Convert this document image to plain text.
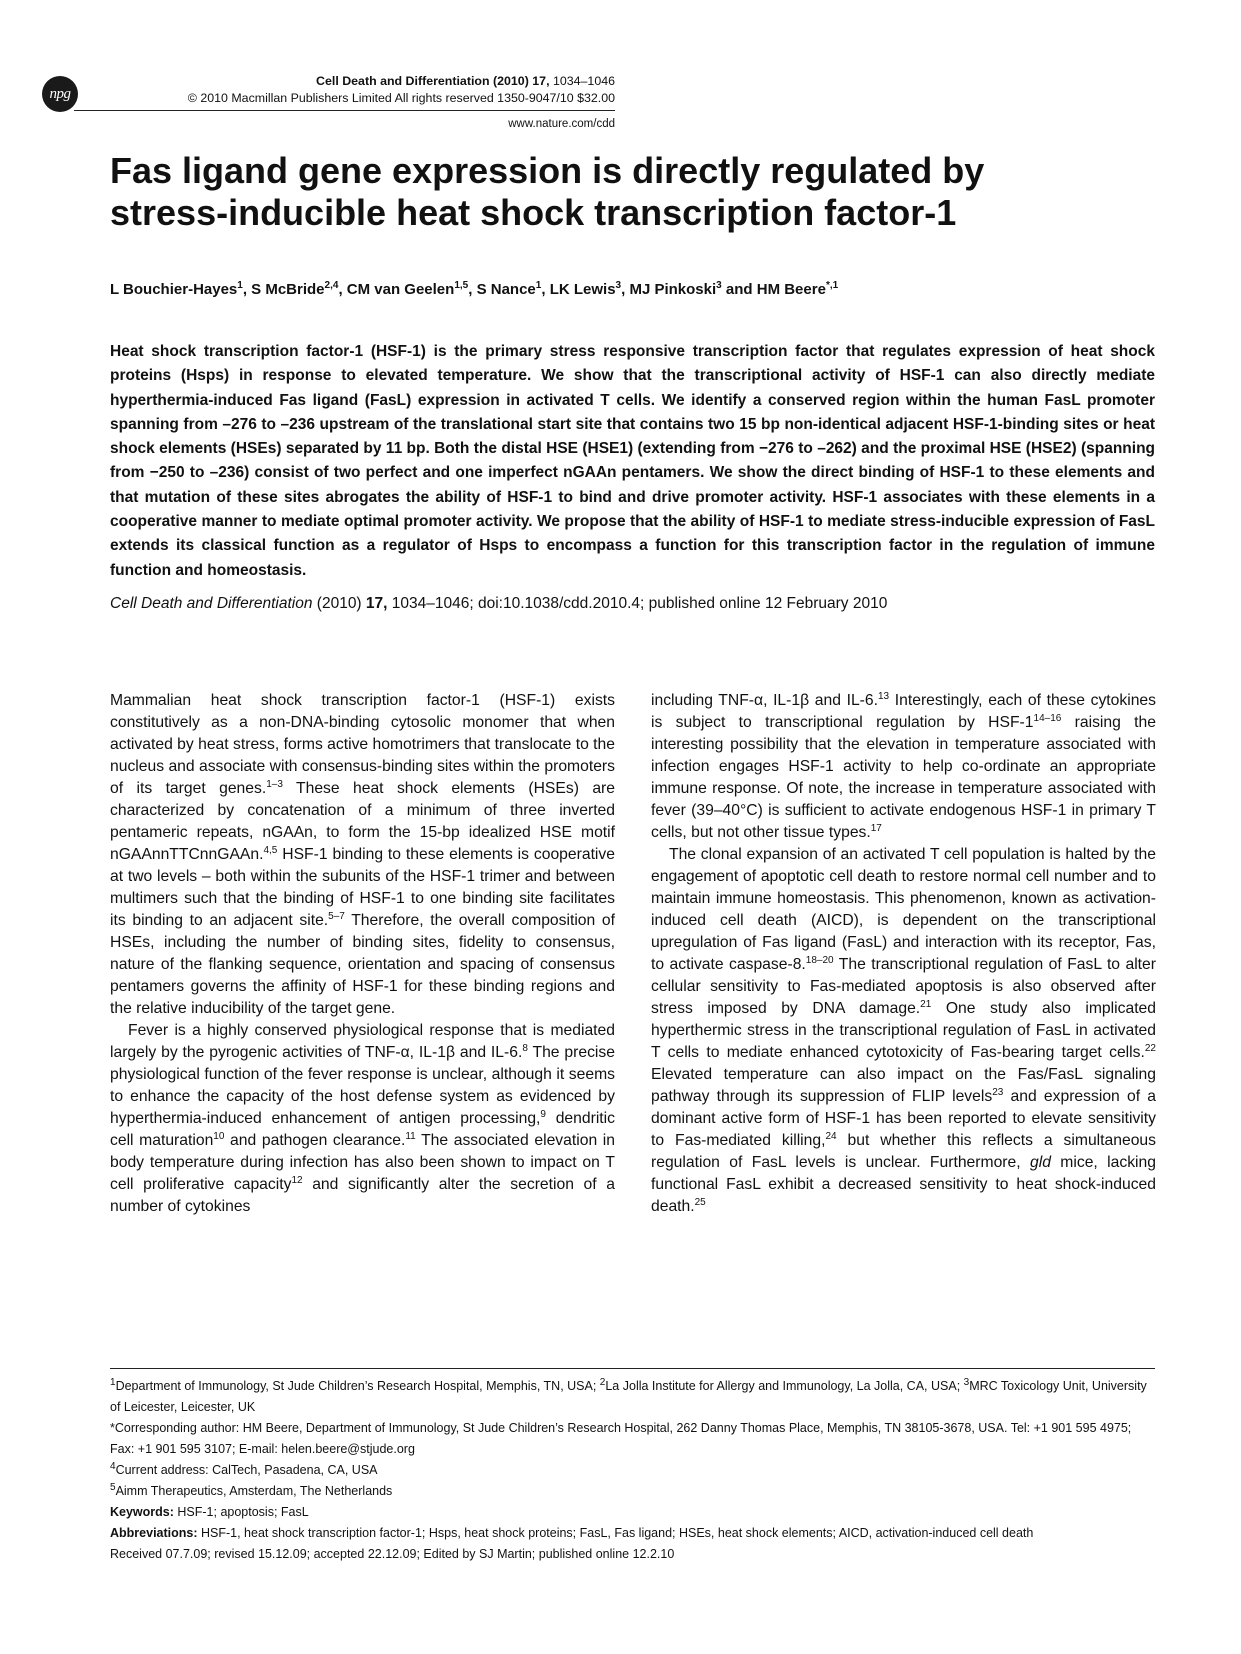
npg
Cell Death and Differentiation (2010) 17, 1034–1046
© 2010 Macmillan Publishers Limited All rights reserved 1350-9047/10 $32.00
www.nature.com/cdd
Fas ligand gene expression is directly regulated by stress-inducible heat shock transcription factor-1

L Bouchier-Hayes$^1$, S McBride$^{2,4}$, CM van Geelen$^{1,5}$, S Nance$^1$, LK Lewis$^3$, MJ Pinkoski$^3$ and HM Beere$^{*,1}$

Heat shock transcription factor-1 (HSF-1) is the primary stress responsive transcription factor that regulates expression of heat shock proteins (Hsps) in response to elevated temperature. We show that the transcriptional activity of HSF-1 can also directly mediate hyperthermia-induced Fas ligand (FasL) expression in activated T cells. We identify a conserved region within the human FasL promoter spanning from –276 to –236 upstream of the translational start site that contains two 15 bp non-identical adjacent HSF-1-binding sites or heat shock elements (HSEs) separated by 11 bp. Both the distal HSE (HSE1) (extending from −276 to –262) and the proximal HSE (HSE2) (spanning from −250 to –236) consist of two perfect and one imperfect nGAAn pentamers. We show the direct binding of HSF-1 to these elements and that mutation of these sites abrogates the ability of HSF-1 to bind and drive promoter activity. HSF-1 associates with these elements in a cooperative manner to mediate optimal promoter activity. We propose that the ability of HSF-1 to mediate stress-inducible expression of FasL extends its classical function as a regulator of Hsps to encompass a function for this transcription factor in the regulation of immune function and homeostasis.

Cell Death and Differentiation (2010) 17, 1034–1046; doi:10.1038/cdd.2010.4; published online 12 February 2010

Mammalian heat shock transcription factor-1 (HSF-1) exists constitutively as a non-DNA-binding cytosolic monomer that when activated by heat stress, forms active homotrimers that translocate to the nucleus and associate with consensus-binding sites within the promoters of its target genes.$^{1-3}$ These heat shock elements (HSEs) are characterized by concatenation of a minimum of three inverted pentameric repeats, nGAAn, to form the 15-bp idealized HSE motif nGAAnnTTCnnGAAn.$^{4,5}$ HSF-1 binding to these elements is cooperative at two levels – both within the subunits of the HSF-1 trimer and between multimers such that the binding of HSF-1 to one binding site facilitates its binding to an adjacent site.$^{5-7}$ Therefore, the overall composition of HSEs, including the number of binding sites, fidelity to consensus, nature of the flanking sequence, orientation and spacing of consensus pentamers governs the affinity of HSF-1 for these binding regions and the relative inducibility of the target gene.

Fever is a highly conserved physiological response that is mediated largely by the pyrogenic activities of TNF-α, IL-1β and IL-6.$^8$ The precise physiological function of the fever response is unclear, although it seems to enhance the capacity of the host defense system as evidenced by hyperthermia-induced enhancement of antigen processing,$^9$ dendritic cell maturation$^{10}$ and pathogen clearance.$^{11}$ The associated elevation in body temperature during infection has also been shown to impact on T cell proliferative capacity$^{12}$ and significantly alter the secretion of a number of cytokines

including TNF-α, IL-1β and IL-6.13 Interestingly, each of these cytokines is subject to transcriptional regulation by HSF-1$^{14-16}$ raising the interesting possibility that the elevation in temperature associated with infection engages HSF-1 activity to help co-ordinate an appropriate immune response. Of note, the increase in temperature associated with fever (39–40°C) is sufficient to activate endogenous HSF-1 in primary T cells, but not other tissue types.$^{17}$

The clonal expansion of an activated T cell population is halted by the engagement of apoptotic cell death to restore normal cell number and to maintain immune homeostasis. This phenomenon, known as activation-induced cell death (AICD), is dependent on the transcriptional upregulation of Fas ligand (FasL) and interaction with its receptor, Fas, to activate caspase-8.$^{18-20}$ The transcriptional regulation of FasL to alter cellular sensitivity to Fas-mediated apoptosis is also observed after stress imposed by DNA damage.$^{21}$ One study also implicated hyperthermic stress in the transcriptional regulation of FasL in activated T cells to mediate enhanced cytotoxicity of Fas-bearing target cells.$^{22}$ Elevated temperature can also impact on the Fas/FasL signaling pathway through its suppression of FLIP levels$^{23}$ and expression of a dominant active form of HSF-1 has been reported to elevate sensitivity to Fas-mediated killing,$^{24}$ but whether this reflects a simultaneous regulation of FasL levels is unclear. Furthermore, gld mice, lacking functional FasL exhibit a decreased sensitivity to heat shock-induced death.$^{25}$

$^1$Department of Immunology, St Jude Children’s Research Hospital, Memphis, TN, USA; $^2$La Jolla Institute for Allergy and Immunology, La Jolla, CA, USA; $^3$MRC Toxicology Unit, University of Leicester, Leicester, UK

*Corresponding author: HM Beere, Department of Immunology, St Jude Children’s Research Hospital, 262 Danny Thomas Place, Memphis, TN 38105-3678, USA. Tel: +1 901 595 4975; Fax: +1 901 595 3107; E-mail: helen.beere@stjude.org

$^4$Current address: CalTech, Pasadena, CA, USA

$^5$Aimm Therapeutics, Amsterdam, The Netherlands

Keywords: HSF-1; apoptosis; FasL

Abbreviations: HSF-1, heat shock transcription factor-1; Hsps, heat shock proteins; FasL, Fas ligand; HSEs, heat shock elements; AICD, activation-induced cell death

Received 07.7.09; revised 15.12.09; accepted 22.12.09; Edited by SJ Martin; published online 12.2.10
